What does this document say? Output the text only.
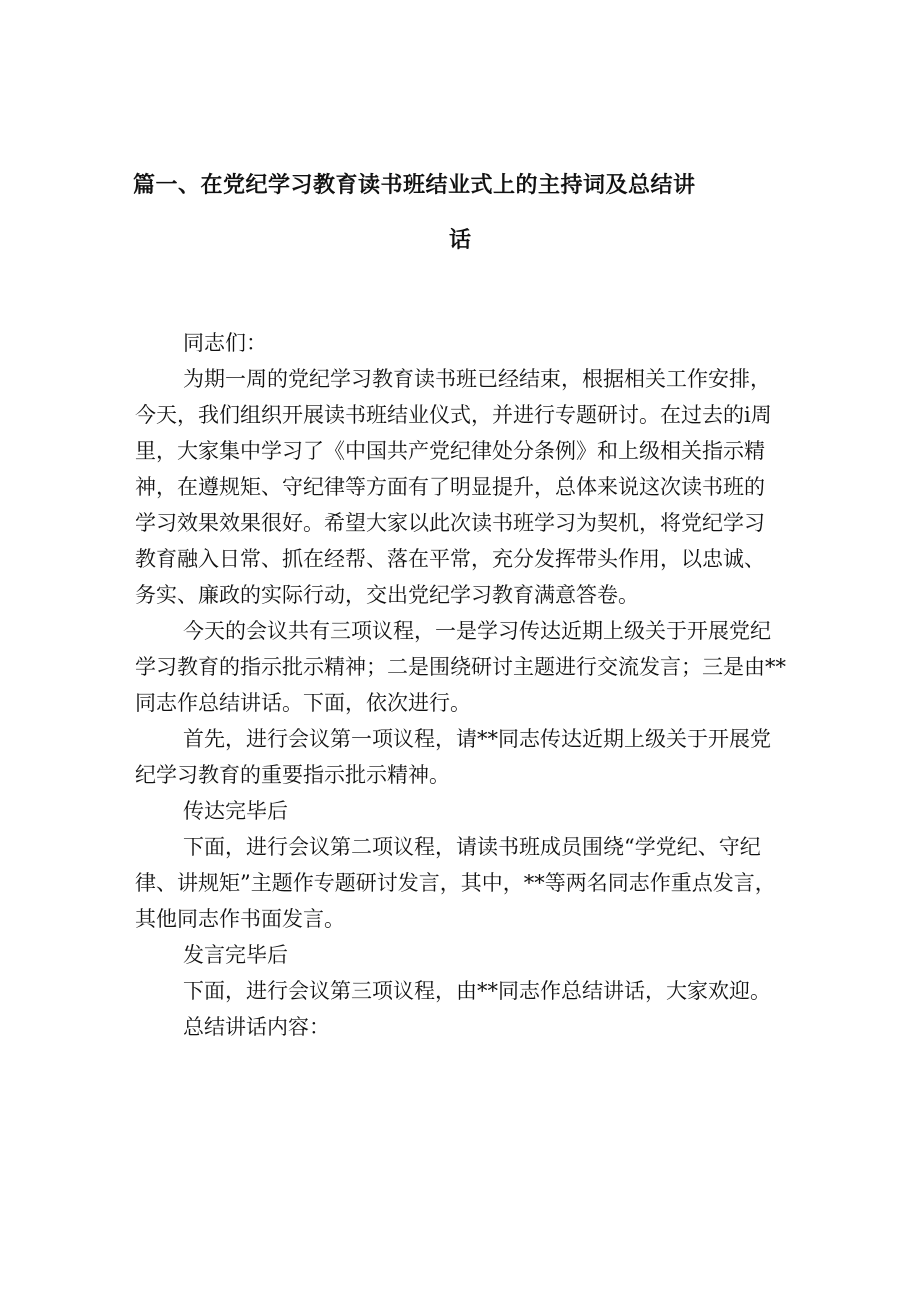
篇一、在党纪学习教育读书班结业式上的主持词及总结讲
话
同志们：
为期一周的党纪学习教育读书班已经结束，根据相关工作安排，
今天，我们组织开展读书班结业仪式，并进行专题研讨。在过去的i周
里，大家集中学习了《中国共产党纪律处分条例》和上级相关指示精
神，在遵规矩、守纪律等方面有了明显提升，总体来说这次读书班的
学习效果效果很好。希望大家以此次读书班学习为契机，将党纪学习
教育融入日常、抓在经帮、落在平常，充分发挥带头作用，以忠诚、
务实、廉政的实际行动，交出党纪学习教育满意答卷。
今天的会议共有三项议程，一是学习传达近期上级关于开展党纪
学习教育的指示批示精神；二是围绕研讨主题进行交流发言；三是由**
同志作总结讲话。下面，依次进行。
首先，进行会议第一项议程，请**同志传达近期上级关于开展党
纪学习教育的重要指示批示精神。
传达完毕后
下面，进行会议第二项议程，请读书班成员围绕“学党纪、守纪
律、讲规矩”主题作专题研讨发言，其中，**等两名同志作重点发言，
其他同志作书面发言。
发言完毕后
下面，进行会议第三项议程，由**同志作总结讲话，大家欢迎。
总结讲话内容：
